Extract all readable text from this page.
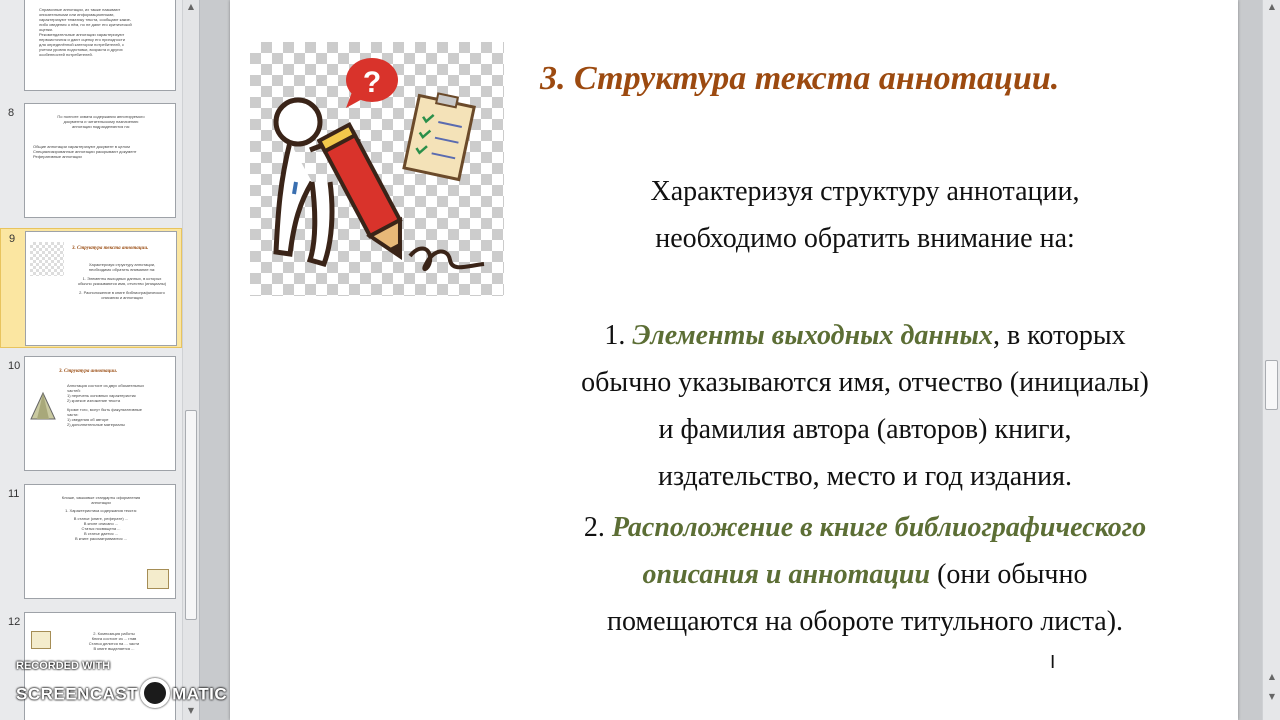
Справочные аннотации, их также называют
описательными или информационными,
характеризуют тематику текста, сообщают какие-
либо сведения о нём, но не дают его критической
оценки.
Рекомендательные аннотации характеризуют
первоисточник и дают оценку его пригодности
для определённой категории потребителей, с
учетом уровня подготовки, возраста и других
особенностей потребителей.
8	По полноте охвата содержания аннотируемого
документа и читательскому назначению
аннотации подразделяются на:
Общие аннотации характеризуют документ в целом
Специализированные аннотации раскрывают документ
Реферативные аннотации
9
3. Структура текста аннотации.
Характеризуя структуру аннотации,
необходимо обратить внимание на:
1. Элементы выходных данных, в которых
обычно указываются имя, отчество (инициалы)
2. Расположение в книге библиографического
описания и аннотации
10	3. Структура аннотации.
Аннотация состоит из двух обязательных
частей:
1) перечень основных характеристик
2) краткое изложение текста
Кроме того, могут быть факультативные
части:
1) сведения об авторе
2) дополнительные материалы
11	Клише, языковые стандарты оформления
аннотации
1. Характеристика содержания текста:
В статье (книге, реферате) ...
В книге описано ...
Статья посвящена ...
В статье дается ...
В книге рассматриваются ...
12
2. Композиция работы
Книга состоит из ... глав
Статья делится на ... части
В книге выделяется ...
▲
▼
?	3. Структура текста аннотации.
Характеризуя структуру аннотации,
необходимо обратить внимание на:
1. Элементы выходных данных, в которых
обычно указываются имя, отчество (инициалы)
и фамилия автора (авторов) книги,
издательство, место и год издания.
2. Расположение в книге библиографического
описания и аннотации (они обычно
помещаются на обороте титульного листа).
I
▲
▲
▼
RECORDED WITH
SCREENCAST MATIC
